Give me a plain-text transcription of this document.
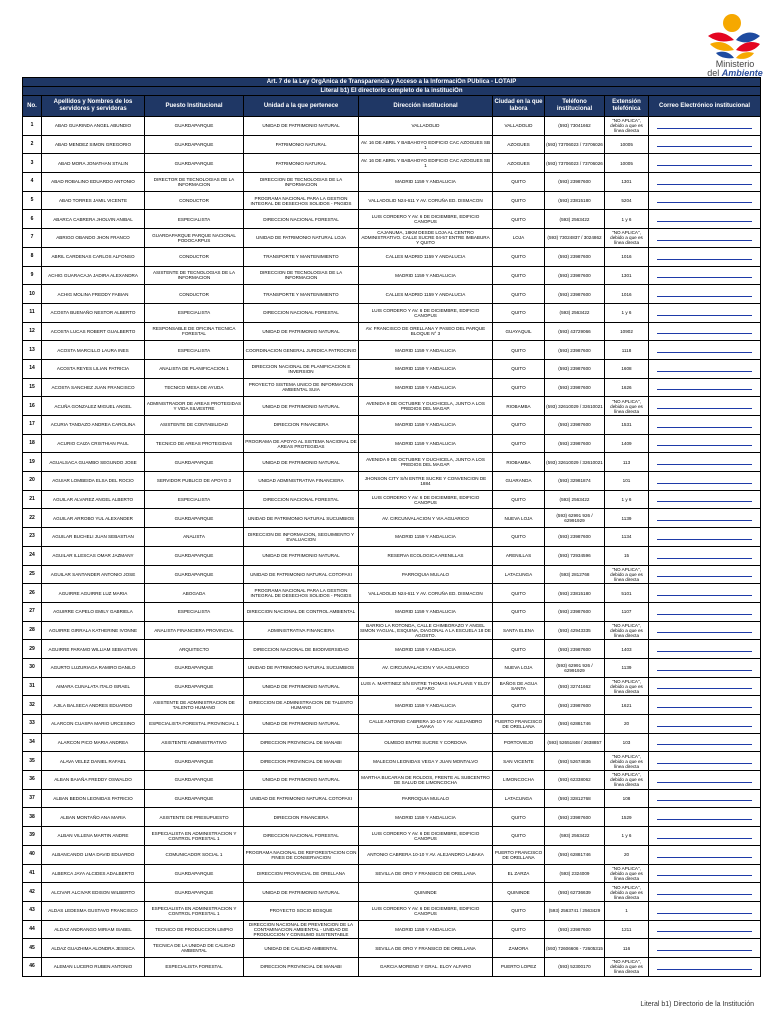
Ministerio
del Ambiente
Art. 7 de la Ley OrgAnica de Transparencia y Acceso a la InformaciOn PUblica - LOTAIP								
Literal b1) El directorio completo de la instituciOn								
No.	Apellidos y Nombres de los servidores y servidoras	Puesto Institucional	Unidad a la que pertenece	Dirección institucional	Ciudad en la que labora	Teléfono institucional	Extensión telefónica	Correo Electrónico institucional
1	ABAD GUARINDA ANGEL ABUNDIO	GUARDAPARQUE	UNIDAD DE PATRIMONIO NATURAL	VALLADOLID	VALLADOLID	(593) 73041662	"NO APLICA", debido a que es línea directa	
2	ABAD MENDEZ SIMON GREGORIO	GUARDAPARQUE	PATRIMONIO NATURAL	AV. 16 DE ABRIL Y BABAHOYO EDIFICIO CAC AZOGUES SB 1	AZOGUES	(593) 73706023 / 73706026	10005	
3	ABAD MORA JONATHAN STALIN	GUARDAPARQUE	PATRIMONIO NATURAL	AV. 16 DE ABRIL Y BABAHOYO EDIFICIO CAC AZOGUES SB 1	AZOGUES	(593) 73706023 / 73706026	10005	
4	ABAD ROBALINO EDUARDO ANTONIO	DIRECTOR DE TECNOLOGIAS DE LA INFORMACION	DIRECCION DE TECNOLOGIAS DE LA INFORMACION	MADRID 1159 Y ANDALUCIA	QUITO	(593) 23987600	1301	
5	ABAD TORRES JAMIL VICENTE	CONDUCTOR	PROGRAMA NACIONAL PARA LA GESTION INTEGRAL DE DESECHOS SOLIDOS - PNGIDS	VALLADOLID N24-611 Y AV. CORUÑA ED. DISMACON	QUITO	(593) 23815180	5204	
6	ABARCA CABRERA JHOLVIN ANIBAL	ESPECIALISTA	DIRECCION NACIONAL FORESTAL	LUIS CORDERO Y AV. 6 DE DICIEMBRE, EDIFICIO CANOPUS	QUITO	(593) 2563422	1 y 6	
7	ABRIGO OBANDO JHON FRANCO	GUARDAPARQUE PARQUE NACIONAL PODOCARPUS	UNIDAD DE PATRIMONIO NATURAL LOJA	CAJANUMA, 18KM DESDE LOJA AL CENTRO ADMINISTRATIVO. CALLE SUCRE 04-57 ENTRE IMBABURA Y QUITO	LOJA	(593) 73024837 / 3024862	"NO APLICA", debido a que es línea directa	
8	ABRIL CARDENAS CARLOS ALFONSO	CONDUCTOR	TRANSPORTE Y MANTENIMIENTO	CALLES MADRID 1159 Y ANDALUCIA	QUITO	(593) 23987600	1016	
9	ACHIG GUARACAJA JADIRA ALEXANDRA	ASISTENTE DE TECNOLOGIAS DE LA INFORMACION	DIRECCION DE TECNOLOGIAS DE LA INFORMACION	MADRID 1159 Y ANDALUCIA	QUITO	(593) 23987600	1301	
10	ACHIG MOLINA FREDDY FABIAN	CONDUCTOR	TRANSPORTE Y MANTENIMIENTO	CALLES MADRID 1159 Y ANDALUCIA	QUITO	(593) 23987600	1016	
11	ACOSTA BUENAÑO NESTOR ALBERTO	ESPECIALISTA	DIRECCION NACIONAL FORESTAL	LUIS CORDERO Y AV. 6 DE DICIEMBRE, EDIFICIO CANOPUS	QUITO	(593) 2563422	1 y 6	
12	ACOSTA LUCAS ROBERT GUALBERTO	RESPONSABLE DE OFICINA TECNICA FORESTAL	UNIDAD DE PATRIMONIO NATURAL	AV. FRANCISCO DE ORELLANA Y PASEO DEL PARQUE BLOQUE N° 3	GUAYAQUIL	(593) 43729066	10902	
13	ACOSTA MARCILLO LAURA INES	ESPECIALISTA	COORDINACION GENERAL JURIDICA PATROCINIO	MADRID 1159 Y ANDALUCIA	QUITO	(593) 23987600	1118	
14	ACOSTA REYES LILIAN PATRICIA	ANALISTA DE PLANIFICACION 1	DIRECCION NACIONAL DE PLANIFICACION E INVERSION	MADRID 1159 Y ANDALUCIA	QUITO	(593) 23987600	1608	
15	ACOSTA SANCHEZ JUAN FRANCISCO	TECNICO MESA DE AYUDA	PROYECTO SISTEMA UNICO DE INFORMACION AMBIENTAL SUIA	MADRID 1159 Y ANDALUCIA	QUITO	(593) 23987600	1626	
16	ACUÑA GONZALEZ MIGUEL ANGEL	ADMINISTRADOR DE AREAS PROTEGIDAS Y VIDA SILVESTRE	UNIDAD DE PATRIMONIO NATURAL	AVENIDA 9 DE OCTUBRE Y DUCHICELA, JUNTO A LOS PREDIOS DEL MAGAP.	RIOBAMBA	(593) 32610029 / 32610021	"NO APLICA", debido a que es línea directa	
17	ACURIA TANDAZO ANDREA CAROLINA	ASISTENTE DE CONTABILIDAD	DIRECCION FINANCIERA	MADRID 1159 Y ANDALUCIA	QUITO	(593) 23987600	1531	
18	ACURIO CAIZA CRISTHIAN PAUL	TECNICO DE AREAS PROTEGIDAS	PROGRAMA DE APOYO AL SISTEMA NACIONAL DE AREAS PROTEGIDAS	MADRID 1159 Y ANDALUCIA	QUITO	(593) 23987600	1409	
19	AGUALSACA GUAMBO SEGUNDO JOSE	GUARDAPARQUE	UNIDAD DE PATRIMONIO NATURAL	AVENIDA 9 DE OCTUBRE Y DUCHICELA, JUNTO A LOS PREDIOS DEL MAGAP.	RIOBAMBA	(593) 32610029 / 32610021	113	
20	AGUIAR LOMBEIDA ELSA DEL ROCIO	SERVIDOR PUBLICO DE APOYO 3	UNIDAD ADMINISTRATIVA FINANCIERA	JHONSON CITY S/N ENTRE SUCRE Y CONVENCION DE 1884	GUARANDA	(593) 32981874	101	
21	AGUILAR ALVAREZ ANGEL ALBERTO	ESPECIALISTA	DIRECCION NACIONAL FORESTAL	LUIS CORDERO Y AV. 6 DE DICIEMBRE, EDIFICIO CANOPUS	QUITO	(593) 2563422	1 y 6	
22	AGUILAR ARROBO YUL ALEXANDER	GUARDAPARQUE	UNIDAD DE PATRIMONIO NATURAL SUCUMBIOS	AV. CIRCUNVALACION Y VIA AGUARICO	NUEVA LOJA	(593) 62991 926 / 62991929	1139	
23	AGUILAR BUCHELI JUAN SEBASTIAN	ANALISTA	DIRECCION DE INFORMACION, SEGUIMIENTO Y EVALUACION	MADRID 1159 Y ANDALUCIA	QUITO	(593) 23987600	1134	
24	AGUILAR ILLESCAS OMAR JAZMANY	GUARDAPARQUE	UNIDAD DE PATRIMONIO NATURAL	RESERVA ECOLOGICA ARENILLAS	ARENILLAS	(593) 72934596	15	
25	AGUILAR SANTANDER ANTONIO JOSE	GUARDAPARQUE	UNIDAD DE PATRIMONIO NATURAL COTOPAXI	PARROQUIA MULALO	LATACUNGA	(593) 2812768	"NO APLICA", debido a que es línea directa	
26	AGUIRRE AGUIRRE LUZ MARIA	ABOGADA	PROGRAMA NACIONAL PARA LA GESTION INTEGRAL DE DESECHOS SOLIDOS - PNGIDS	VALLADOLID N24-611 Y AV. CORUÑA ED. DISMACON	QUITO	(593) 23815180	5101	
27	AGUIRRE CAPELO EMILY GABRIELA	ESPECIALISTA	DIRECCION NACIONAL DE CONTROL AMBIENTAL	MADRID 1159 Y ANDALUCIA	QUITO	(593) 23987600	1107	
28	AGUIRRE GIRRALA KATHERINE IVONNE	ANALISTA FINANCIERA PROVINCIAL	ADMINISTRATIVA FINANCIERA	BARRIO LA ROTONDA, CALLE CHIMBORAZO Y ANGEL SIMON YAGUAL, ESQUINA, DIAGONAL A LA ESCUELA 18 DE AGOSTO.	SANTA ELENA	(593) 42943335	"NO APLICA", debido a que es línea directa	
29	AGUIRRE PARAMO WILLIAM SEBASTIAN	ARQUITECTO	DIRECCION NACIONAL DE BIODIVERSIDAD	MADRID 1159 Y ANDALUCIA	QUITO	(593) 23987600	1403	
30	AGURTO LUZURIAGA RAMIRO DANILO	GUARDAPARQUE	UNIDAD DE PATRIMONIO NATURAL SUCUMBIOS	AV. CIRCUNVALACION Y VIA AGUARICO	NUEVA LOJA	(593) 62991 926 / 62991929	1139	
31	AIMARA CUNALATA ITALO ISRAEL	GUARDAPARQUE	UNIDAD DE PATRIMONIO NATURAL	LUIS A. MARTINEZ S/N ENTRE THOMAS HALFLANS Y ELOY ALFARO	BAÑOS DE AGUA SANTA	(593) 32741662	"NO APLICA", debido a que es línea directa	
32	AJILA BALSECA ANDRES EDUARDO	ASISTENTE DE ADMINISTRACION DE TALENTO HUMANO	DIRECCION DE ADMINISTRACION DE TALENTO HUMANO	MADRID 1159 Y ANDALUCIA	QUITO	(593) 23987600	1621	
33	ALARCON CUASPA MARIO URCESINO	ESPECIALISTA FORESTAL PROVINCIAL 1	UNIDAD DE PATRIMONIO NATURAL	CALLE ANTONIO CABRERA 10-10 Y AV. ALEJANDRO LAVAKA	PUERTO FRANCISCO DE ORELLANA	(593) 62881746	20	
34	ALARCON PICO MARIA ANDREA	ASISTENTE ADMINISTRATIVO	DIRECCION PROVINCIAL DE MANABI	OLMEDO ENTRE SUCRE Y CORDOVA	PORTOVIEJO	(593) 52651848 / 2638857	103	
35	ALAVA VELEZ DANIEL RAFAEL	GUARDAPARQUE	DIRECCION PROVINCIAL DE MANABI	MALECON LEONIDAS VEGA Y JUAN MONTALVO	SAN VICENTE	(593) 52674836	"NO APLICA", debido a que es línea directa	
36	ALBAN BAIAÑA FREDDY OSWALDO	GUARDAPARQUE	UNIDAD DE PATRIMONIO NATURAL	MARTHA BUCARAN DE ROLDOS, FRENTE AL SUBCENTRO DE SALUD DE LIMONCOCHA	LIMONCOCHA	(593) 62338062	"NO APLICA", debido a que es línea directa	
37	ALBAN BEDON LEONIDAS PATRICIO	GUARDAPARQUE	UNIDAD DE PATRIMONIO NATURAL COTOPAXI	PARROQUIA MULALO	LATACUNGA	(593) 32812768	108	
38	ALBAN MONTAÑO ANA MARIA	ASISTENTE DE PRESUPUESTO	DIRECCION FINANCIERA	MADRID 1159 Y ANDALUCIA	QUITO	(593) 23987600	1529	
39	ALBAN VILLENA MARTIN ANDRE	ESPECIALISTA EN ADMINISTRACION Y CONTROL FORESTAL 1	DIRECCION NACIONAL FORESTAL	LUIS CORDERO Y AV. 6 DE DICIEMBRE, EDIFICIO CANOPUS	QUITO	(593) 2563422	1 y 6	
40	ALBANCANDO LIMA DAVID EDUARDO	COMUNICADOR SOCIAL 1	PROGRAMA NACIONAL DE REFORESTACION CON FINES DE CONSERVACION	ANTONIO CABRERA 10-10 Y AV. ALEJANDRO LABAKA	PUERTO FRANCISCO DE ORELLANA	(593) 62881746	20	
41	ALBERCA JAYA ALCIDES ADALBERTO	GUARDAPARQUE	DIRECCION PROVINCIAL DE ORELLANA	SEVILLA DE ORO Y FRANSICO DE ORELLANA	EL ZARZA	(593) 2324009	"NO APLICA", debido a que es línea directa	
42	ALCIVAR ALCIVAR EDISON WILBERTO	GUARDAPARQUE	UNIDAD DE PATRIMONIO NATURAL	QUININDE	QUININDE	(593) 62736639	"NO APLICA", debido a que es línea directa	
43	ALDAS LEDESMA GUSTAVO FRANCISCO	ESPECIALISTA EN ADMINISTRACION Y CONTROL FORESTAL 1	PROYECTO SOCIO BOSQUE	LUIS CORDERO Y AV. 6 DE DICIEMBRE, EDIFICIO CANOPUS	QUITO	(593) 2563741 / 2563429	1	
44	ALDAZ ANDRANGO MIRIAM ISABEL	TECNICO DE PRODUCCION LIMPIO	DIRECCION NACIONAL DE PREVENCION DE LA CONTAMINACION AMBIENTAL - UNIDAD DE PRODUCCION Y CONSUMO SUSTENTABLE	MADRID 1159 Y ANDALUCIA	QUITO	(593) 23987600	1211	
45	ALDAZ GUAZHIMA ALONDRA JESSICA	TECNICA DE LA UNIDAD DE CALIDAD AMBIENTAL	UNIDAD DE CALIDAD AMBIENTAL	SEVILLA DE ORO Y FRANSICO DE ORELLANA	ZAMORA	(593) 72606606 - 72605315	116	
46	ALEMAN LUCERO RUBEN ANTONIO	ESPECIALISTA FORESTAL	DIRECCION PROVINCIAL DE MANABI	GARCIA MORENO Y GRAL. ELOY ALFARO	PUERTO LOPEZ	(593) 52300170	"NO APLICA", debido a que es línea directa	
Literal b1) Directorio de la Institución
